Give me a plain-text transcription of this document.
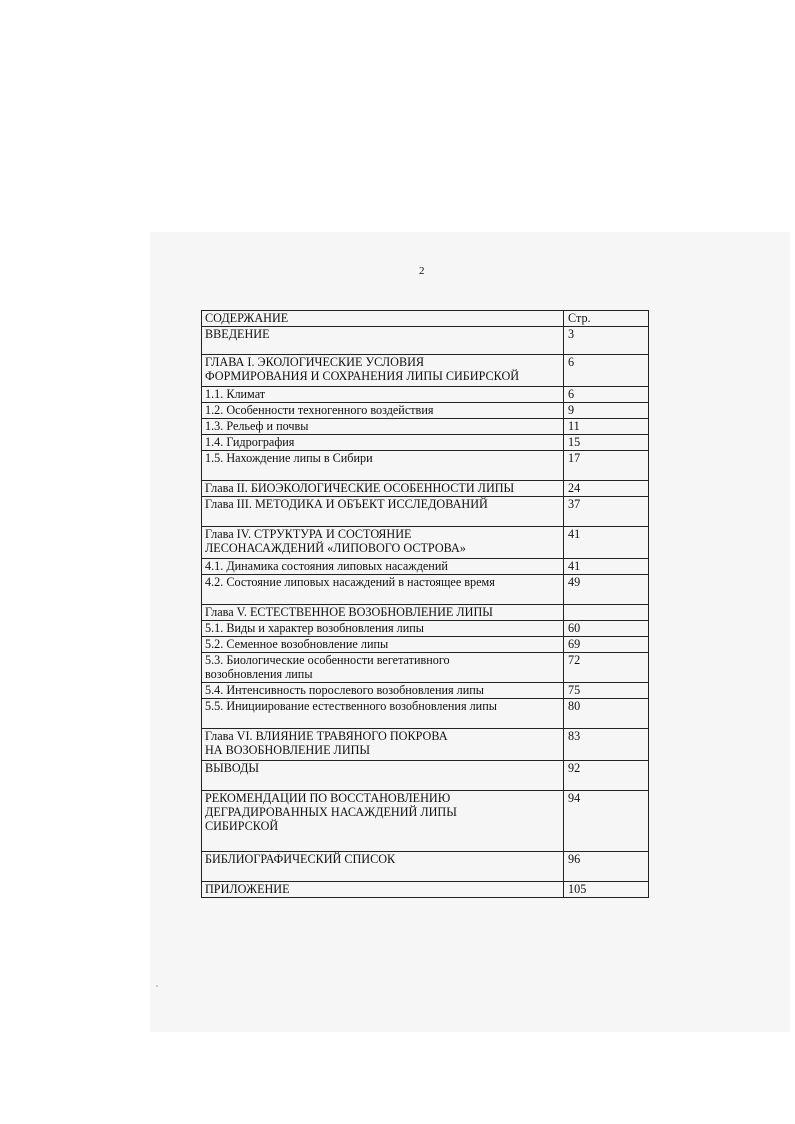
2
СОДЕРЖАНИЕ	Стр.
ВВЕДЕНИЕ	3
ГЛАВА I. ЭКОЛОГИЧЕСКИЕ УСЛОВИЯ
ФОРМИРОВАНИЯ И СОХРАНЕНИЯ ЛИПЫ СИБИРСКОЙ	6
1.1. Климат	6
1.2. Особенности техногенного воздействия	9
1.3. Рельеф и почвы	11
1.4. Гидрография	15
1.5. Нахождение липы в Сибири	17
Глава II. БИОЭКОЛОГИЧЕСКИЕ ОСОБЕННОСТИ ЛИПЫ	24
Глава III. МЕТОДИКА И ОБЪЕКТ ИССЛЕДОВАНИЙ	37
Глава IV. СТРУКТУРА И СОСТОЯНИЕ
ЛЕСОНАСАЖДЕНИЙ «ЛИПОВОГО ОСТРОВА»	41
4.1. Динамика состояния липовых насаждений	41
4.2. Состояние липовых насаждений в настоящее время	49
Глава V. ЕСТЕСТВЕННОЕ ВОЗОБНОВЛЕНИЕ ЛИПЫ	
5.1. Виды и характер возобновления липы	60
5.2. Семенное возобновление липы	69
5.3. Биологические особенности вегетативного
возобновления липы	72
5.4. Интенсивность порослевого возобновления липы	75
5.5. Инициирование естественного возобновления липы	80
Глава VI. ВЛИЯНИЕ ТРАВЯНОГО ПОКРОВА
НА ВОЗОБНОВЛЕНИЕ ЛИПЫ	83
ВЫВОДЫ	92
РЕКОМЕНДАЦИИ ПО ВОССТАНОВЛЕНИЮ
ДЕГРАДИРОВАННЫХ НАСАЖДЕНИЙ ЛИПЫ
СИБИРСКОЙ	94
БИБЛИОГРАФИЧЕСКИЙ СПИСОК	96
ПРИЛОЖЕНИЕ	105
